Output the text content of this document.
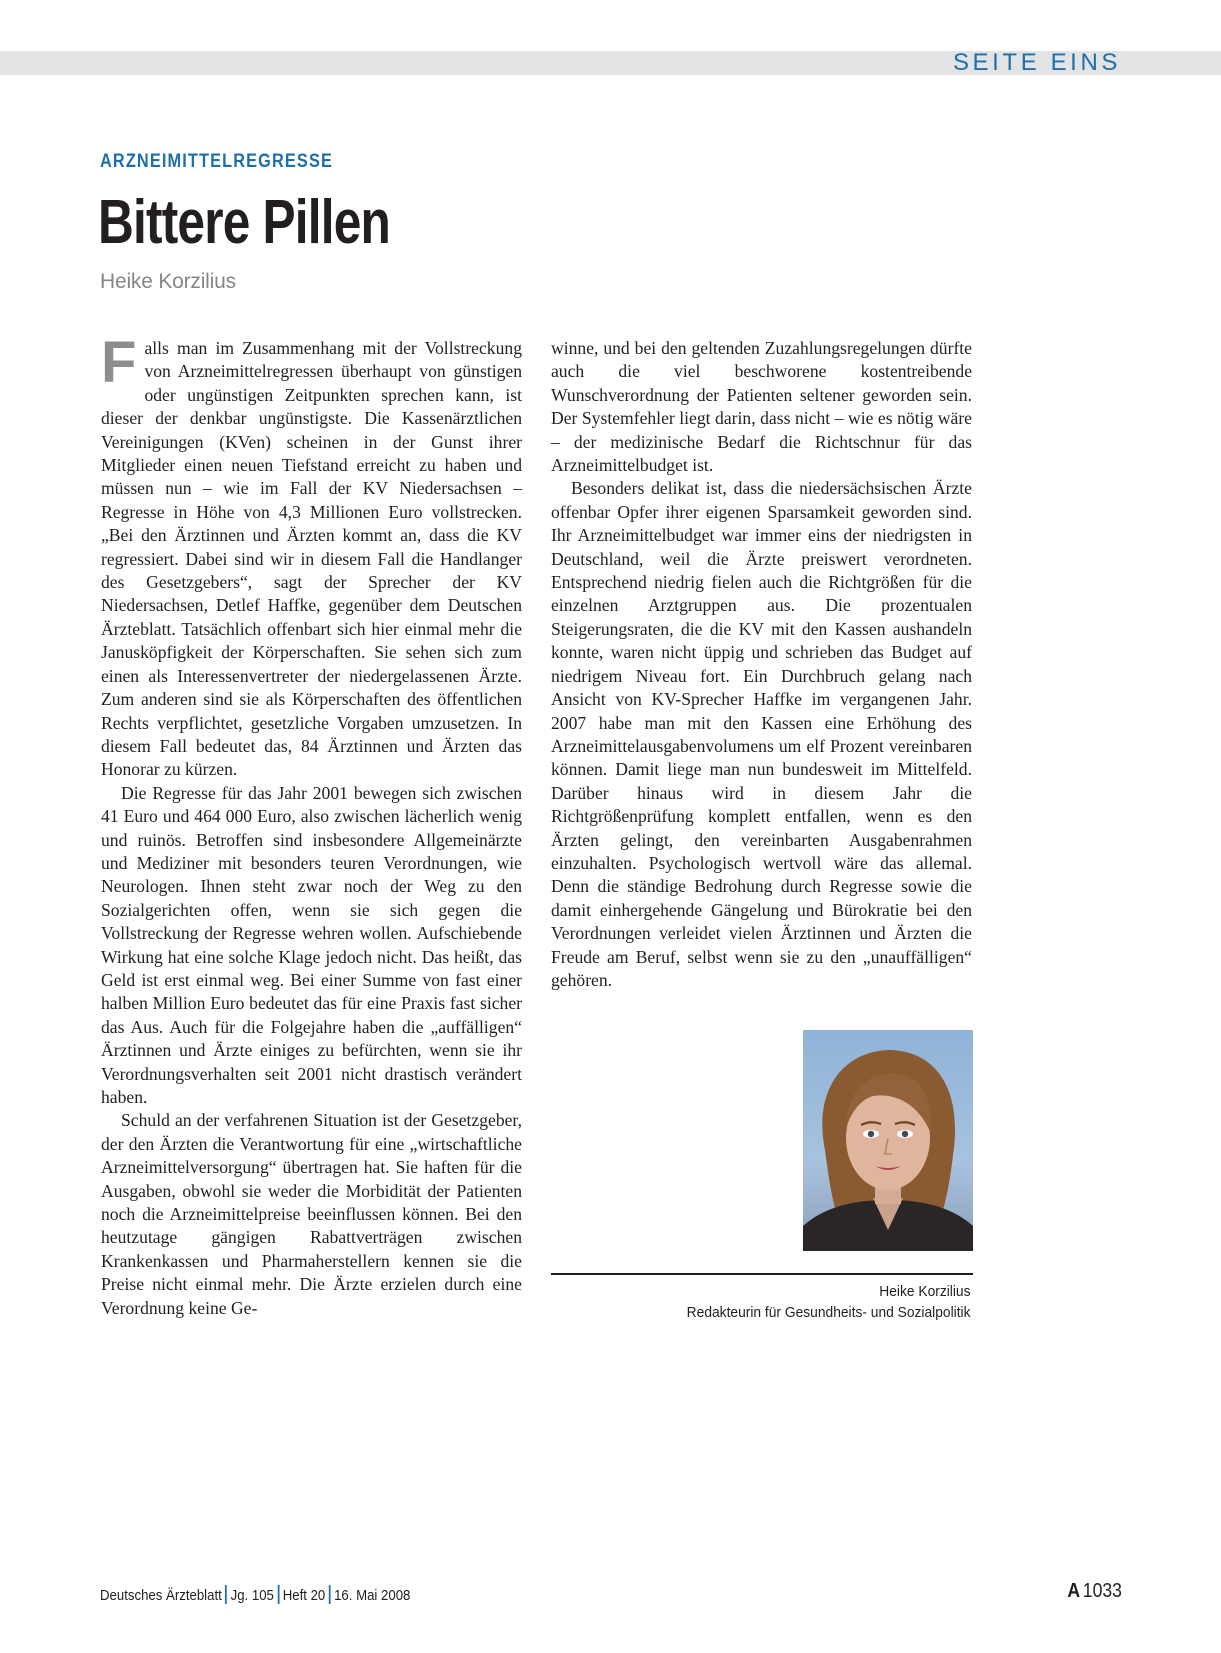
SEITE EINS
ARZNEIMITTELREGRESSE
Bittere Pillen
Heike Korzilius

Falls man im Zusammenhang mit der Vollstreckung von Arzneimittelregressen überhaupt von günstigen oder ungünstigen Zeitpunkten sprechen kann, ist dieser der denkbar ungünstigste. Die Kassenärztlichen Vereinigungen (KVen) scheinen in der Gunst ihrer Mitglieder einen neuen Tiefstand erreicht zu haben und müssen nun – wie im Fall der KV Niedersachsen – Regresse in Höhe von 4,3 Millionen Euro vollstrecken. „Bei den Ärztinnen und Ärzten kommt an, dass die KV regressiert. Dabei sind wir in diesem Fall die Handlanger des Gesetzgebers“, sagt der Sprecher der KV Niedersachsen, Detlef Haffke, gegenüber dem Deutschen Ärzteblatt. Tatsächlich offenbart sich hier einmal mehr die Janusköpfigkeit der Körperschaften. Sie sehen sich zum einen als Interessenvertreter der niedergelassenen Ärzte. Zum anderen sind sie als Körperschaften des öffentlichen Rechts verpflichtet, gesetzliche Vorgaben umzusetzen. In diesem Fall bedeutet das, 84 Ärztinnen und Ärzten das Honorar zu kürzen.

Die Regresse für das Jahr 2001 bewegen sich zwischen 41 Euro und 464 000 Euro, also zwischen lächerlich wenig und ruinös. Betroffen sind insbesondere Allgemeinärzte und Mediziner mit besonders teuren Verordnungen, wie Neurologen. Ihnen steht zwar noch der Weg zu den Sozialgerichten offen, wenn sie sich gegen die Vollstreckung der Regresse wehren wollen. Aufschiebende Wirkung hat eine solche Klage jedoch nicht. Das heißt, das Geld ist erst einmal weg. Bei einer Summe von fast einer halben Million Euro bedeutet das für eine Praxis fast sicher das Aus. Auch für die Folgejahre haben die „auffälligen“ Ärztinnen und Ärzte einiges zu befürchten, wenn sie ihr Verordnungsverhalten seit 2001 nicht drastisch verändert haben.

Schuld an der verfahrenen Situation ist der Gesetzgeber, der den Ärzten die Verantwortung für eine „wirtschaftliche Arzneimittelversorgung“ übertragen hat. Sie haften für die Ausgaben, obwohl sie weder die Morbidität der Patienten noch die Arzneimittelpreise beeinflussen können. Bei den heutzutage gängigen Rabattverträgen zwischen Krankenkassen und Pharmaherstellern kennen sie die Preise nicht einmal mehr. Die Ärzte erzielen durch eine Verordnung keine Ge-

winne, und bei den geltenden Zuzahlungsregelungen dürfte auch die viel beschworene kostentreibende Wunschverordnung der Patienten seltener geworden sein. Der Systemfehler liegt darin, dass nicht – wie es nötig wäre – der medizinische Bedarf die Richtschnur für das Arzneimittelbudget ist.

Besonders delikat ist, dass die niedersächsischen Ärzte offenbar Opfer ihrer eigenen Sparsamkeit geworden sind. Ihr Arzneimittelbudget war immer eins der niedrigsten in Deutschland, weil die Ärzte preiswert verordneten. Entsprechend niedrig fielen auch die Richtgrößen für die einzelnen Arztgruppen aus. Die prozentualen Steigerungsraten, die die KV mit den Kassen aushandeln konnte, waren nicht üppig und schrieben das Budget auf niedrigem Niveau fort. Ein Durchbruch gelang nach Ansicht von KV-Sprecher Haffke im vergangenen Jahr. 2007 habe man mit den Kassen eine Erhöhung des Arzneimittelausgabenvolumens um elf Prozent vereinbaren können. Damit liege man nun bundesweit im Mittelfeld. Darüber hinaus wird in diesem Jahr die Richtgrößenprüfung komplett entfallen, wenn es den Ärzten gelingt, den vereinbarten Ausgabenrahmen einzuhalten. Psychologisch wertvoll wäre das allemal. Denn die ständige Bedrohung durch Regresse sowie die damit einhergehende Gängelung und Bürokratie bei den Verordnungen verleidet vielen Ärztinnen und Ärzten die Freude am Beruf, selbst wenn sie zu den „unauffälligen“ gehören.

Heike Korzilius
Redakteurin für Gesundheits- und Sozialpolitik
Deutsches Ärzteblatt Jg. 105 Heft 20 16. Mai 2008	A 1033
